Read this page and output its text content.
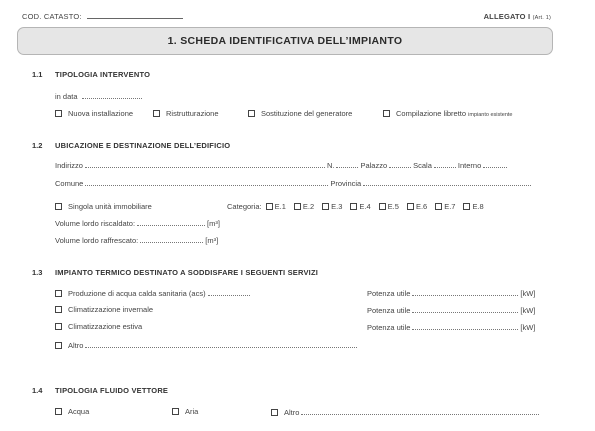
COD. CATASTO:	ALLEGATO I (Art. 1)
1. SCHEDA IDENTIFICATIVA DELL’IMPIANTO
1.1 TIPOLOGIA INTERVENTO
in data
Nuova installazione	Ristrutturazione	Sostituzione del generatore	Compilazione libretto impianto esistente
1.2 UBICAZIONE E DESTINAZIONE DELL’EDIFICIO
Indirizzo	N.	Palazzo	Scala	Interno
Comune	Provincia
Singola unità immobiliare	Categoria: E.1 E.2 E.3 E.4 E.5 E.6 E.7 E.8
Volume lordo riscaldato:	[m³]
Volume lordo raffrescato:	[m³]
1.3 IMPIANTO TERMICO DESTINATO A SODDISFARE I SEGUENTI SERVIZI
Produzione di acqua calda sanitaria (acs)	Potenza utile	[kW]
Climatizzazione invernale	Potenza utile	[kW]
Climatizzazione estiva	Potenza utile	[kW]
Altro
1.4 TIPOLOGIA FLUIDO VETTORE
Acqua	Aria	Altro
